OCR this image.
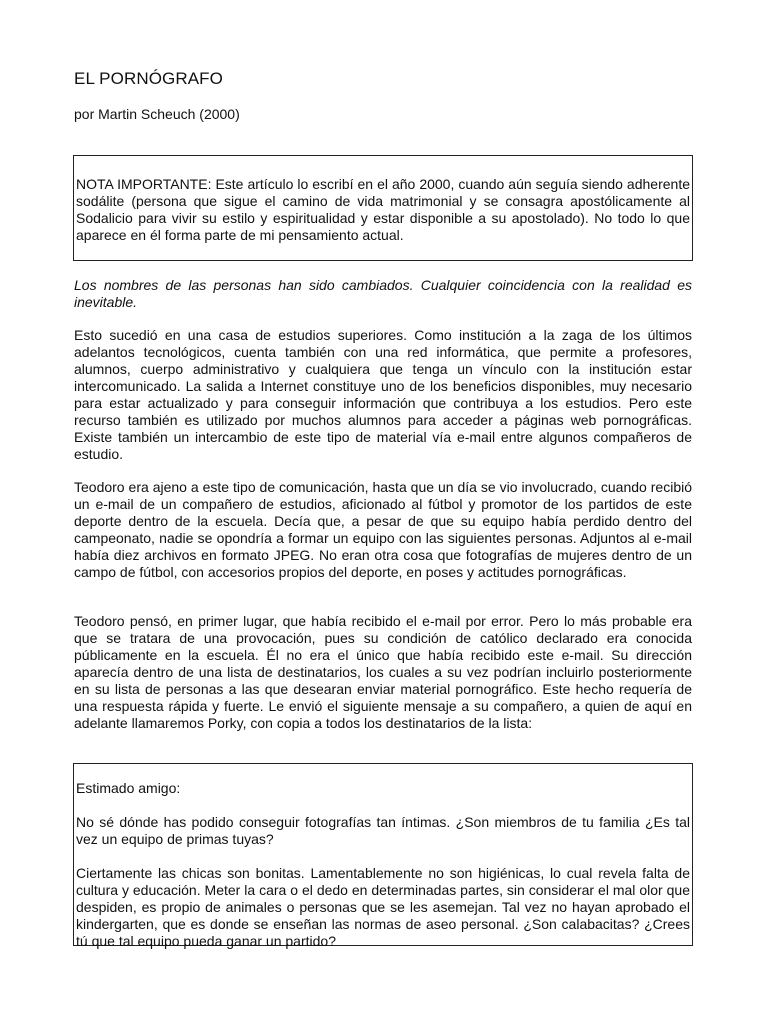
EL PORNÓGRAFO

por Martin Scheuch (2000)

NOTA IMPORTANTE: Este artículo lo escribí en el año 2000, cuando aún seguía siendo adherente sodálite (persona que sigue el camino de vida matrimonial y se consagra apostólicamente al Sodalicio para vivir su estilo y espiritualidad y estar disponible a su apostolado). No todo lo que aparece en él forma parte de mi pensamiento actual.

Los nombres de las personas han sido cambiados. Cualquier coincidencia con la realidad es inevitable.

Esto sucedió en una casa de estudios superiores. Como institución a la zaga de los últimos adelantos tecnológicos, cuenta también con una red informática, que permite a profesores, alumnos, cuerpo administrativo y cualquiera que tenga un vínculo con la institución estar intercomunicado. La salida a Internet constituye uno de los beneficios disponibles, muy necesario para estar actualizado y para conseguir información que contribuya a los estudios. Pero este recurso también es utilizado por muchos alumnos para acceder a páginas web pornográficas. Existe también un intercambio de este tipo de material vía e-mail entre algunos compañeros de estudio.

Teodoro era ajeno a este tipo de comunicación, hasta que un día se vio involucrado, cuando recibió un e-mail de un compañero de estudios, aficionado al fútbol y promotor de los partidos de este deporte dentro de la escuela. Decía que, a pesar de que su equipo había perdido dentro del campeonato, nadie se opondría a formar un equipo con las siguientes personas. Adjuntos al e-mail había diez archivos en formato JPEG. No eran otra cosa que fotografías de mujeres dentro de un campo de fútbol, con accesorios propios del deporte, en poses y actitudes pornográficas.

Teodoro pensó, en primer lugar, que había recibido el e-mail por error. Pero lo más probable era que se tratara de una provocación, pues su condición de católico declarado era conocida públicamente en la escuela. Él no era el único que había recibido este e-mail. Su dirección aparecía dentro de una lista de destinatarios, los cuales a su vez podrían incluirlo posteriormente en su lista de personas a las que desearan enviar material pornográfico. Este hecho requería de una respuesta rápida y fuerte. Le envió el siguiente mensaje a su compañero, a quien de aquí en adelante llamaremos Porky, con copia a todos los destinatarios de la lista:

Estimado amigo:

No sé dónde has podido conseguir fotografías tan íntimas. ¿Son miembros de tu familia ¿Es tal vez un equipo de primas tuyas?

Ciertamente las chicas son bonitas. Lamentablemente no son higiénicas, lo cual revela falta de cultura y educación. Meter la cara o el dedo en determinadas partes, sin considerar el mal olor que despiden, es propio de animales o personas que se les asemejan. Tal vez no hayan aprobado el kindergarten, que es donde se enseñan las normas de aseo personal. ¿Son calabacitas? ¿Crees tú que tal equipo pueda ganar un partido?
